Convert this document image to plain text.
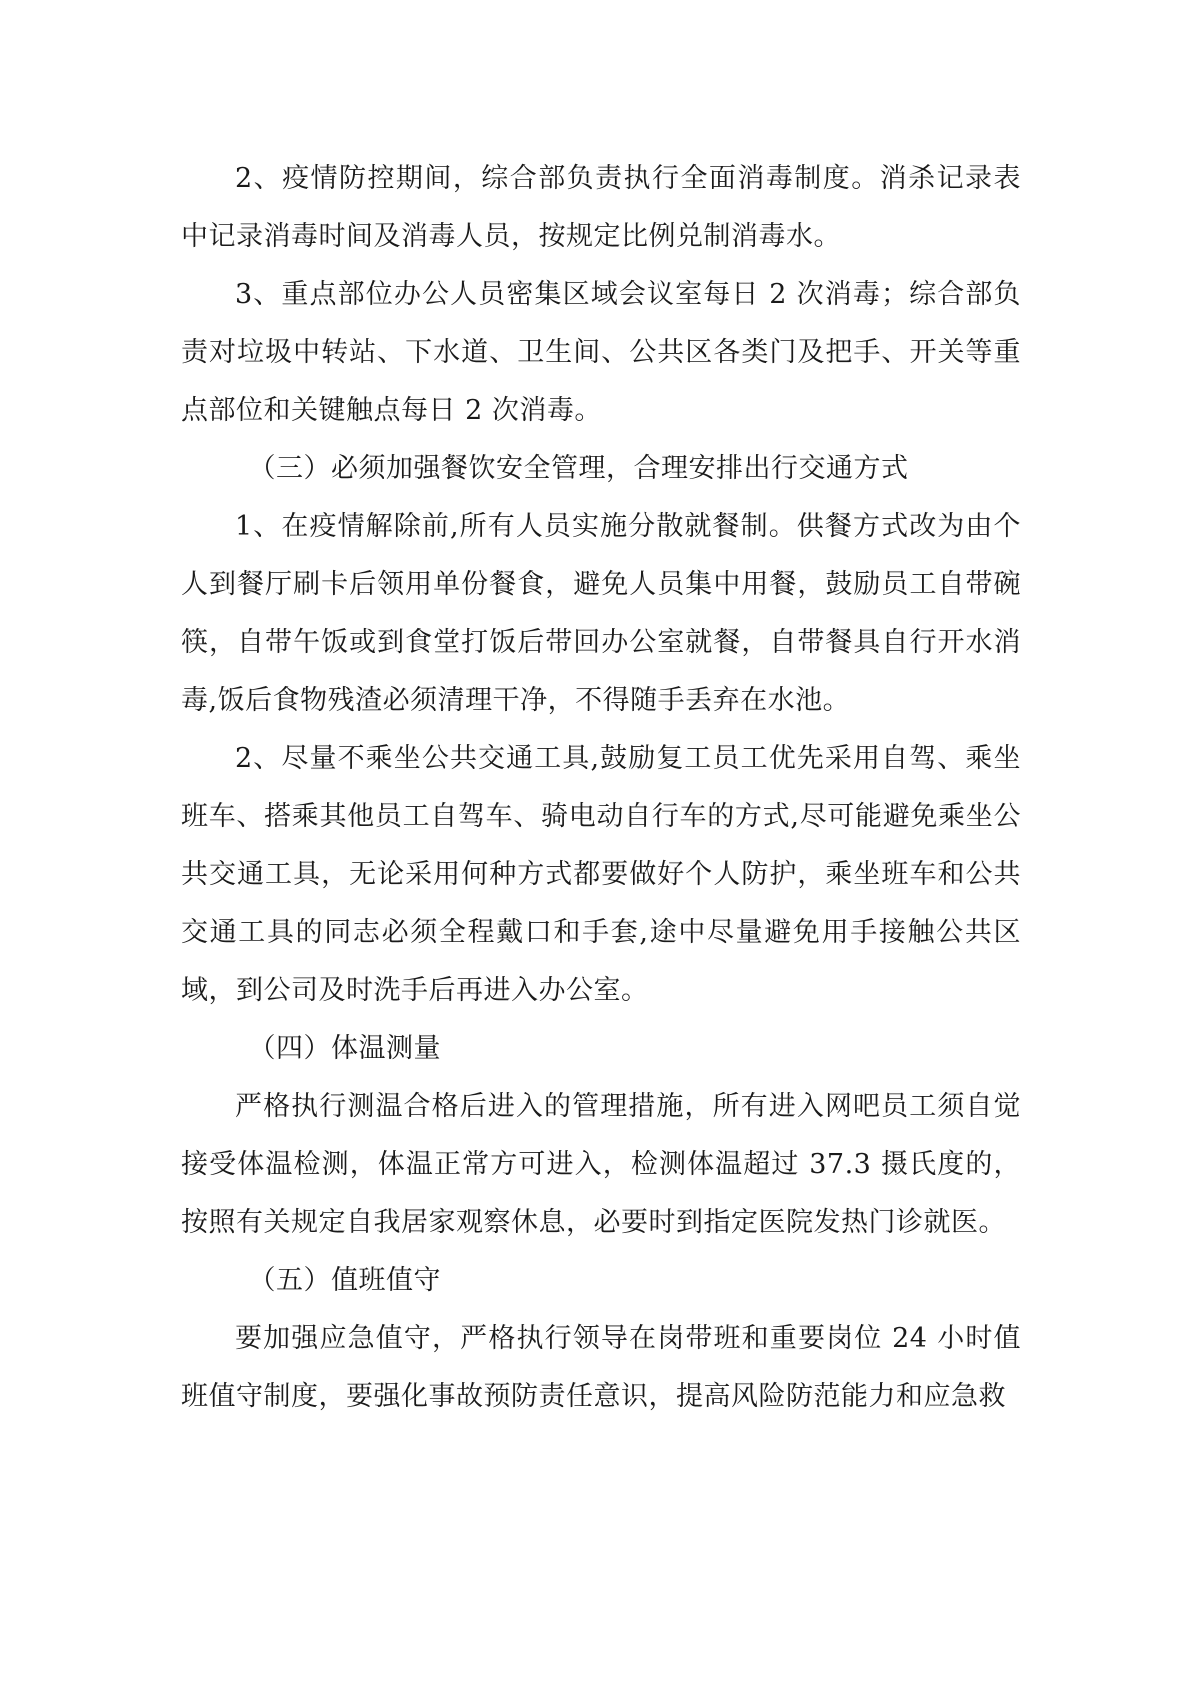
2、疫情防控期间，综合部负责执行全面消毒制度。消杀记录表中记录消毒时间及消毒人员，按规定比例兑制消毒水。

3、重点部位办公人员密集区域会议室每日 2 次消毒；综合部负责对垃圾中转站、下水道、卫生间、公共区各类门及把手、开关等重点部位和关键触点每日 2 次消毒。

（三）必须加强餐饮安全管理，合理安排出行交通方式

1、在疫情解除前,所有人员实施分散就餐制。供餐方式改为由个人到餐厅刷卡后领用单份餐食，避免人员集中用餐，鼓励员工自带碗筷，自带午饭或到食堂打饭后带回办公室就餐，自带餐具自行开水消毒,饭后食物残渣必须清理干净，不得随手丢弃在水池。

2、尽量不乘坐公共交通工具,鼓励复工员工优先采用自驾、乘坐班车、搭乘其他员工自驾车、骑电动自行车的方式,尽可能避免乘坐公共交通工具，无论采用何种方式都要做好个人防护，乘坐班车和公共交通工具的同志必须全程戴口和手套,途中尽量避免用手接触公共区域，到公司及时洗手后再进入办公室。

（四）体温测量

严格执行测温合格后进入的管理措施，所有进入网吧员工须自觉接受体温检测，体温正常方可进入，检测体温超过 37.3 摄氏度的，按照有关规定自我居家观察休息，必要时到指定医院发热门诊就医。

（五）值班值守

要加强应急值守，严格执行领导在岗带班和重要岗位 24 小时值班值守制度，要强化事故预防责任意识，提高风险防范能力和应急救
